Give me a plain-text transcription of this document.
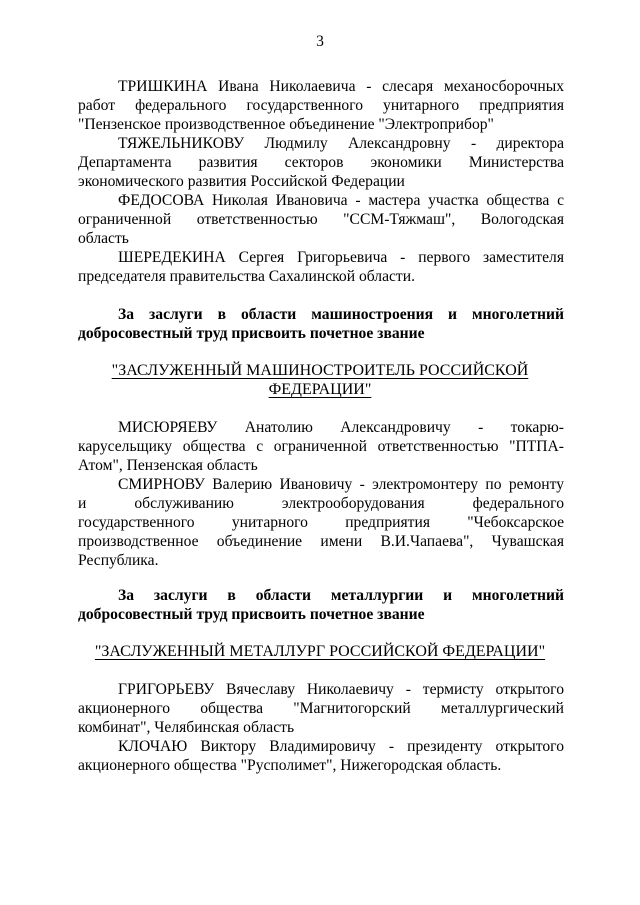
3
ТРИШКИНА Ивана Николаевича - слесаря механосборочных
работ федерального государственного унитарного предприятия
"Пензенское производственное объединение "Электроприбор"
ТЯЖЕЛЬНИКОВУ Людмилу Александровну - директора
Департамента развития секторов экономики Министерства
экономического развития Российской Федерации
ФЕДОСОВА Николая Ивановича - мастера участка общества с
ограниченной ответственностью "ССМ-Тяжмаш", Вологодская
область
ШЕРЕДЕКИНА Сергея Григорьевича - первого заместителя
председателя правительства Сахалинской области.
За заслуги в области машиностроения и многолетний
добросовестный труд присвоить почетное звание
"ЗАСЛУЖЕННЫЙ МАШИНОСТРОИТЕЛЬ РОССИЙСКОЙ
ФЕДЕРАЦИИ"
МИСЮРЯЕВУ Анатолию Александровичу - токарю-
карусельщику общества с ограниченной ответственностью "ПТПА-
Атом", Пензенская область
СМИРНОВУ Валерию Ивановичу - электромонтеру по ремонту
и обслуживанию электрооборудования федерального
государственного унитарного предприятия "Чебоксарское
производственное объединение имени В.И.Чапаева", Чувашская
Республика.
За заслуги в области металлургии и многолетний
добросовестный труд присвоить почетное звание
"ЗАСЛУЖЕННЫЙ МЕТАЛЛУРГ РОССИЙСКОЙ ФЕДЕРАЦИИ"
ГРИГОРЬЕВУ Вячеславу Николаевичу - термисту открытого
акционерного общества "Магнитогорский металлургический
комбинат", Челябинская область
КЛОЧАЮ Виктору Владимировичу - президенту открытого
акционерного общества "Русполимет", Нижегородская область.
